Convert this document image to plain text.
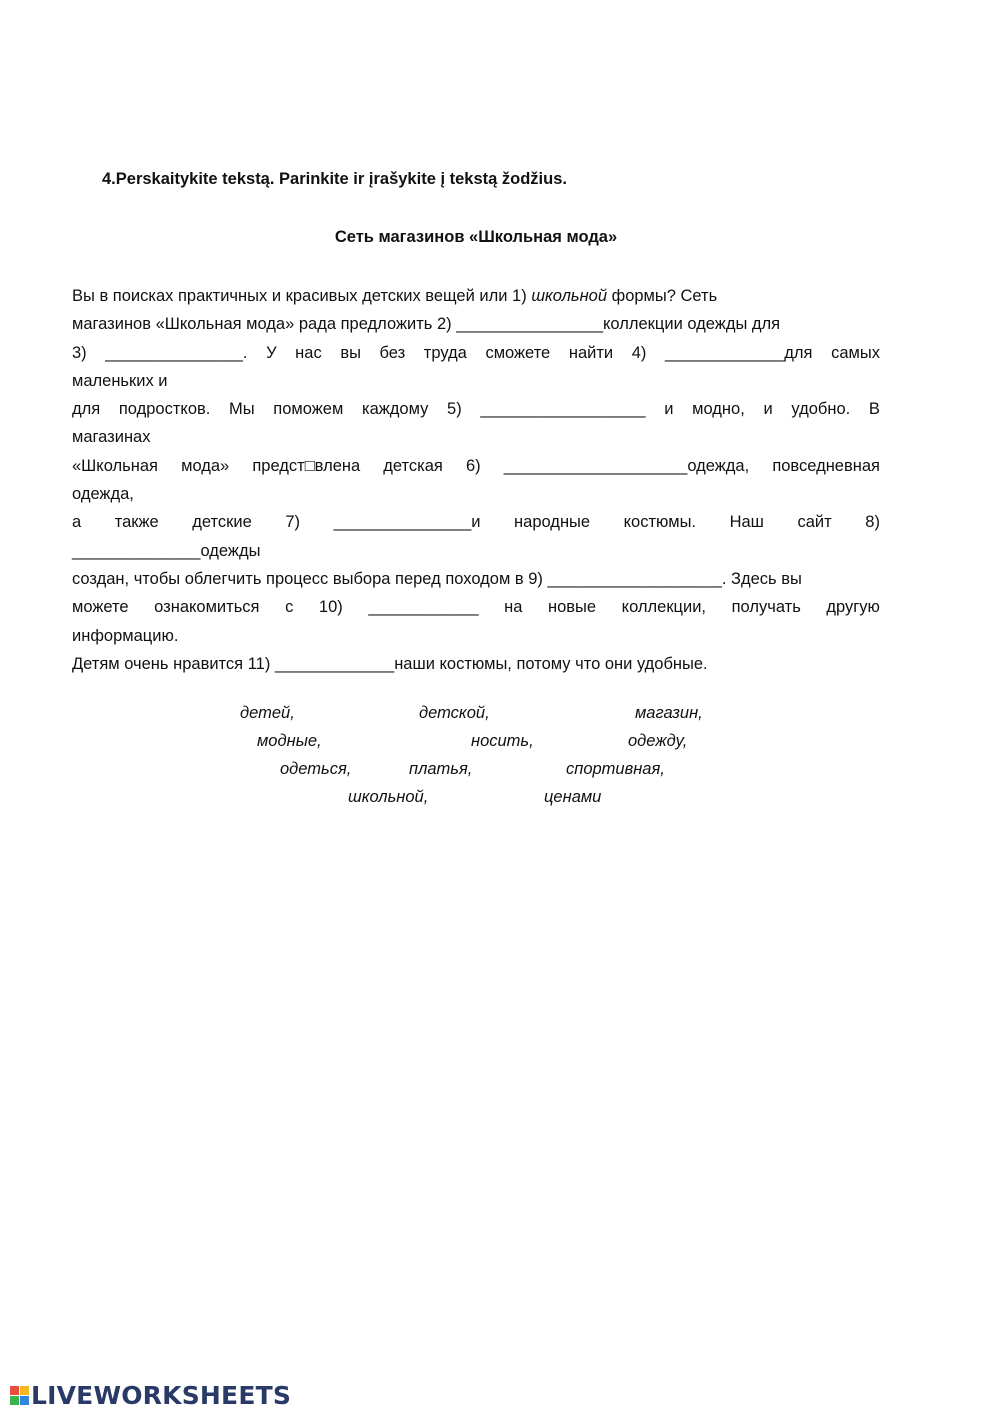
4.Perskaitykite tekstą. Parinkite ir įrašykite į tekstą žodžius.
Сеть магазинов «Школьная мода»
Вы в поисках практичных и красивых детских вещей или 1) школьной формы? Сеть
магазинов «Школьная мода» рада предложить 2) ________________коллекции одежды для
3) _______________. У нас вы без труда сможете найти 4) _____________для самых
маленьких и
для подростков. Мы поможем каждому 5) __________________ и модно, и удобно. В
магазинах
«Школьная мода» предст□влена детская 6) ____________________одежда, повседневная
одежда,
а также детские 7) _______________и народные костюмы. Наш сайт 8)
______________одежды
создан, чтобы облегчить процесс выбора перед походом в 9) ___________________. Здесь вы
можете ознакомиться с 10) ____________ на новые коллекции, получать другую
информацию.
Детям очень нравится 11) _____________наши костюмы, потому что они удобные.
детей,	детской,	магазин,
модные,	носить,	одежду,
одеться,	платья,	спортивная,
школьной,	ценами
LIVEWORKSHEETS
